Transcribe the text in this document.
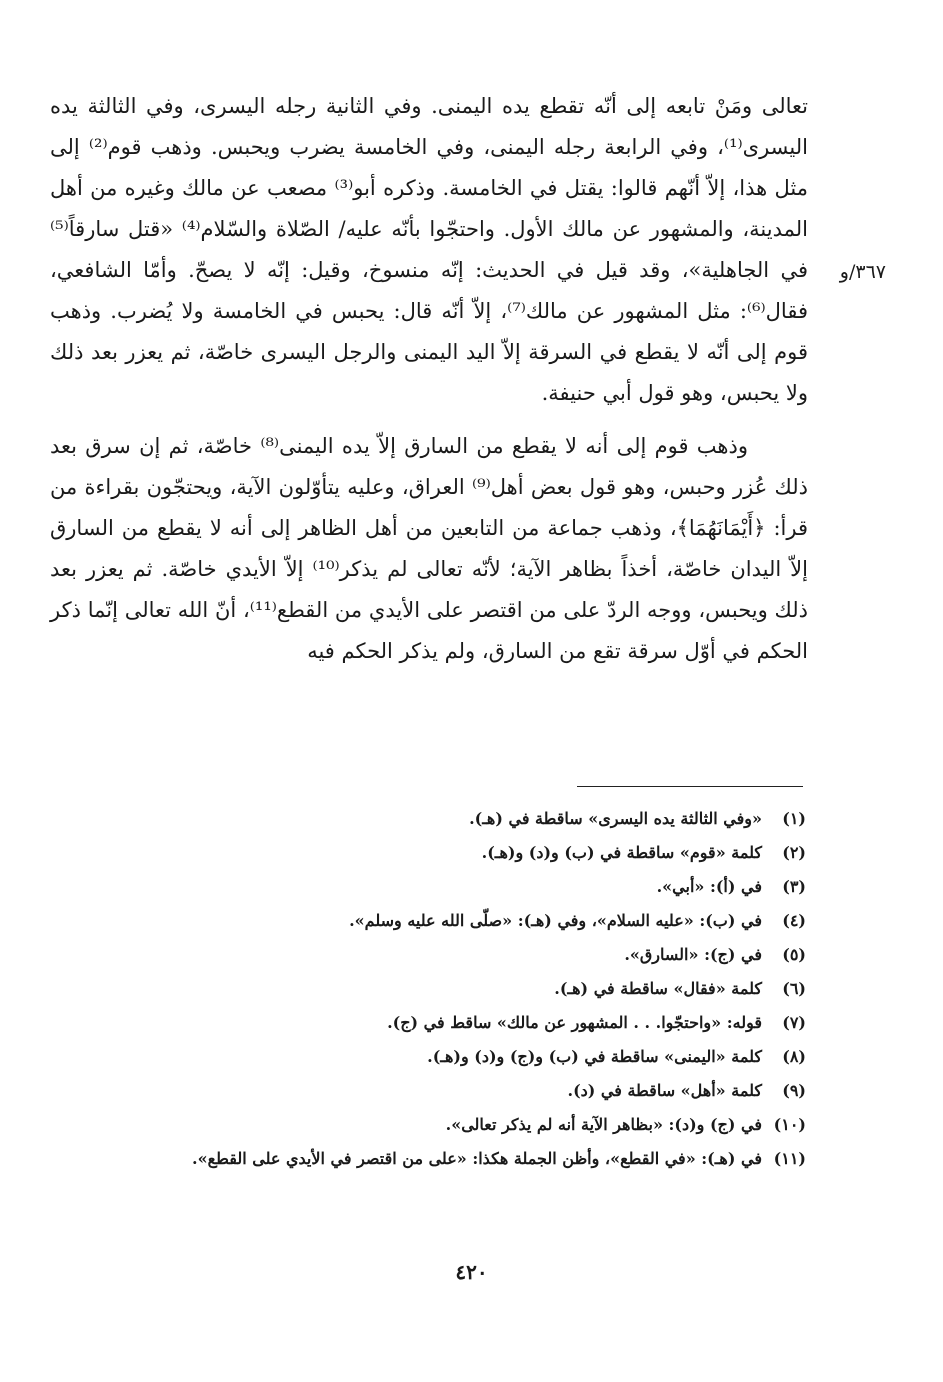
تعالى ومَنْ تابعه إلى أنّه تقطع يده اليمنى. وفي الثانية رجله اليسرى، وفي الثالثة يده اليسرى⁽¹⁾، وفي الرابعة رجله اليمنى، وفي الخامسة يضرب ويحبس. وذهب قوم⁽²⁾ إلى مثل هذا، إلاّ أنّهم قالوا: يقتل في الخامسة. وذكره أبو⁽³⁾ مصعب عن مالك وغيره من أهل المدينة، والمشهور عن مالك الأول. واحتجّوا بأنّه عليه/ الصّلاة والسّلام⁽⁴⁾ «قتل سارقاً⁽⁵⁾ في الجاهلية»، وقد قيل في الحديث: إنّه منسوخ، وقيل: إنّه لا يصحّ. وأمّا الشافعي، فقال⁽⁶⁾: مثل المشهور عن مالك⁽⁷⁾، إلاّ أنّه قال: يحبس في الخامسة ولا يُضرب. وذهب قوم إلى أنّه لا يقطع في السرقة إلاّ اليد اليمنى والرجل اليسرى خاصّة، ثم يعزر بعد ذلك ولا يحبس، وهو قول أبي حنيفة.

وذهب قوم إلى أنه لا يقطع من السارق إلاّ يده اليمنى⁽⁸⁾ خاصّة، ثم إن سرق بعد ذلك عُزر وحبس، وهو قول بعض أهل⁽⁹⁾ العراق، وعليه يتأوّلون الآية، ويحتجّون بقراءة من قرأ: ﴿أَيْمَانَهُمَا﴾، وذهب جماعة من التابعين من أهل الظاهر إلى أنه لا يقطع من السارق إلاّ اليدان خاصّة، أخذاً بظاهر الآية؛ لأنّه تعالى لم يذكر⁽¹⁰⁾ إلاّ الأيدي خاصّة. ثم يعزر بعد ذلك ويحبس، ووجه الردّ على من اقتصر على الأيدي من القطع⁽¹¹⁾، أنّ الله تعالى إنّما ذكر الحكم في أوّل سرقة تقع من السارق، ولم يذكر الحكم فيه

٣٦٧/و
(١)
«وفي الثالثة يده اليسرى» ساقطة في (هـ).
(٢)
كلمة «قوم» ساقطة في (ب) و(د) و(هـ).
(٣)
في (أ): «أبي».
(٤)
في (ب): «عليه السلام»، وفي (هـ): «صلّى الله عليه وسلم».
(٥)
في (ج): «السارق».
(٦)
كلمة «فقال» ساقطة في (هـ).
(٧)
قوله: «واحتجّوا. . . المشهور عن مالك» ساقط في (ج).
(٨)
كلمة «اليمنى» ساقطة في (ب) و(ج) و(د) و(هـ).
(٩)
كلمة «أهل» ساقطة في (د).
(١٠)
في (ج) و(د): «بظاهر الآية أنه لم يذكر تعالى».
(١١)
في (هـ): «في القطع»، وأظن الجملة هكذا: «على من اقتصر في الأيدي على القطع».
٤٢٠
